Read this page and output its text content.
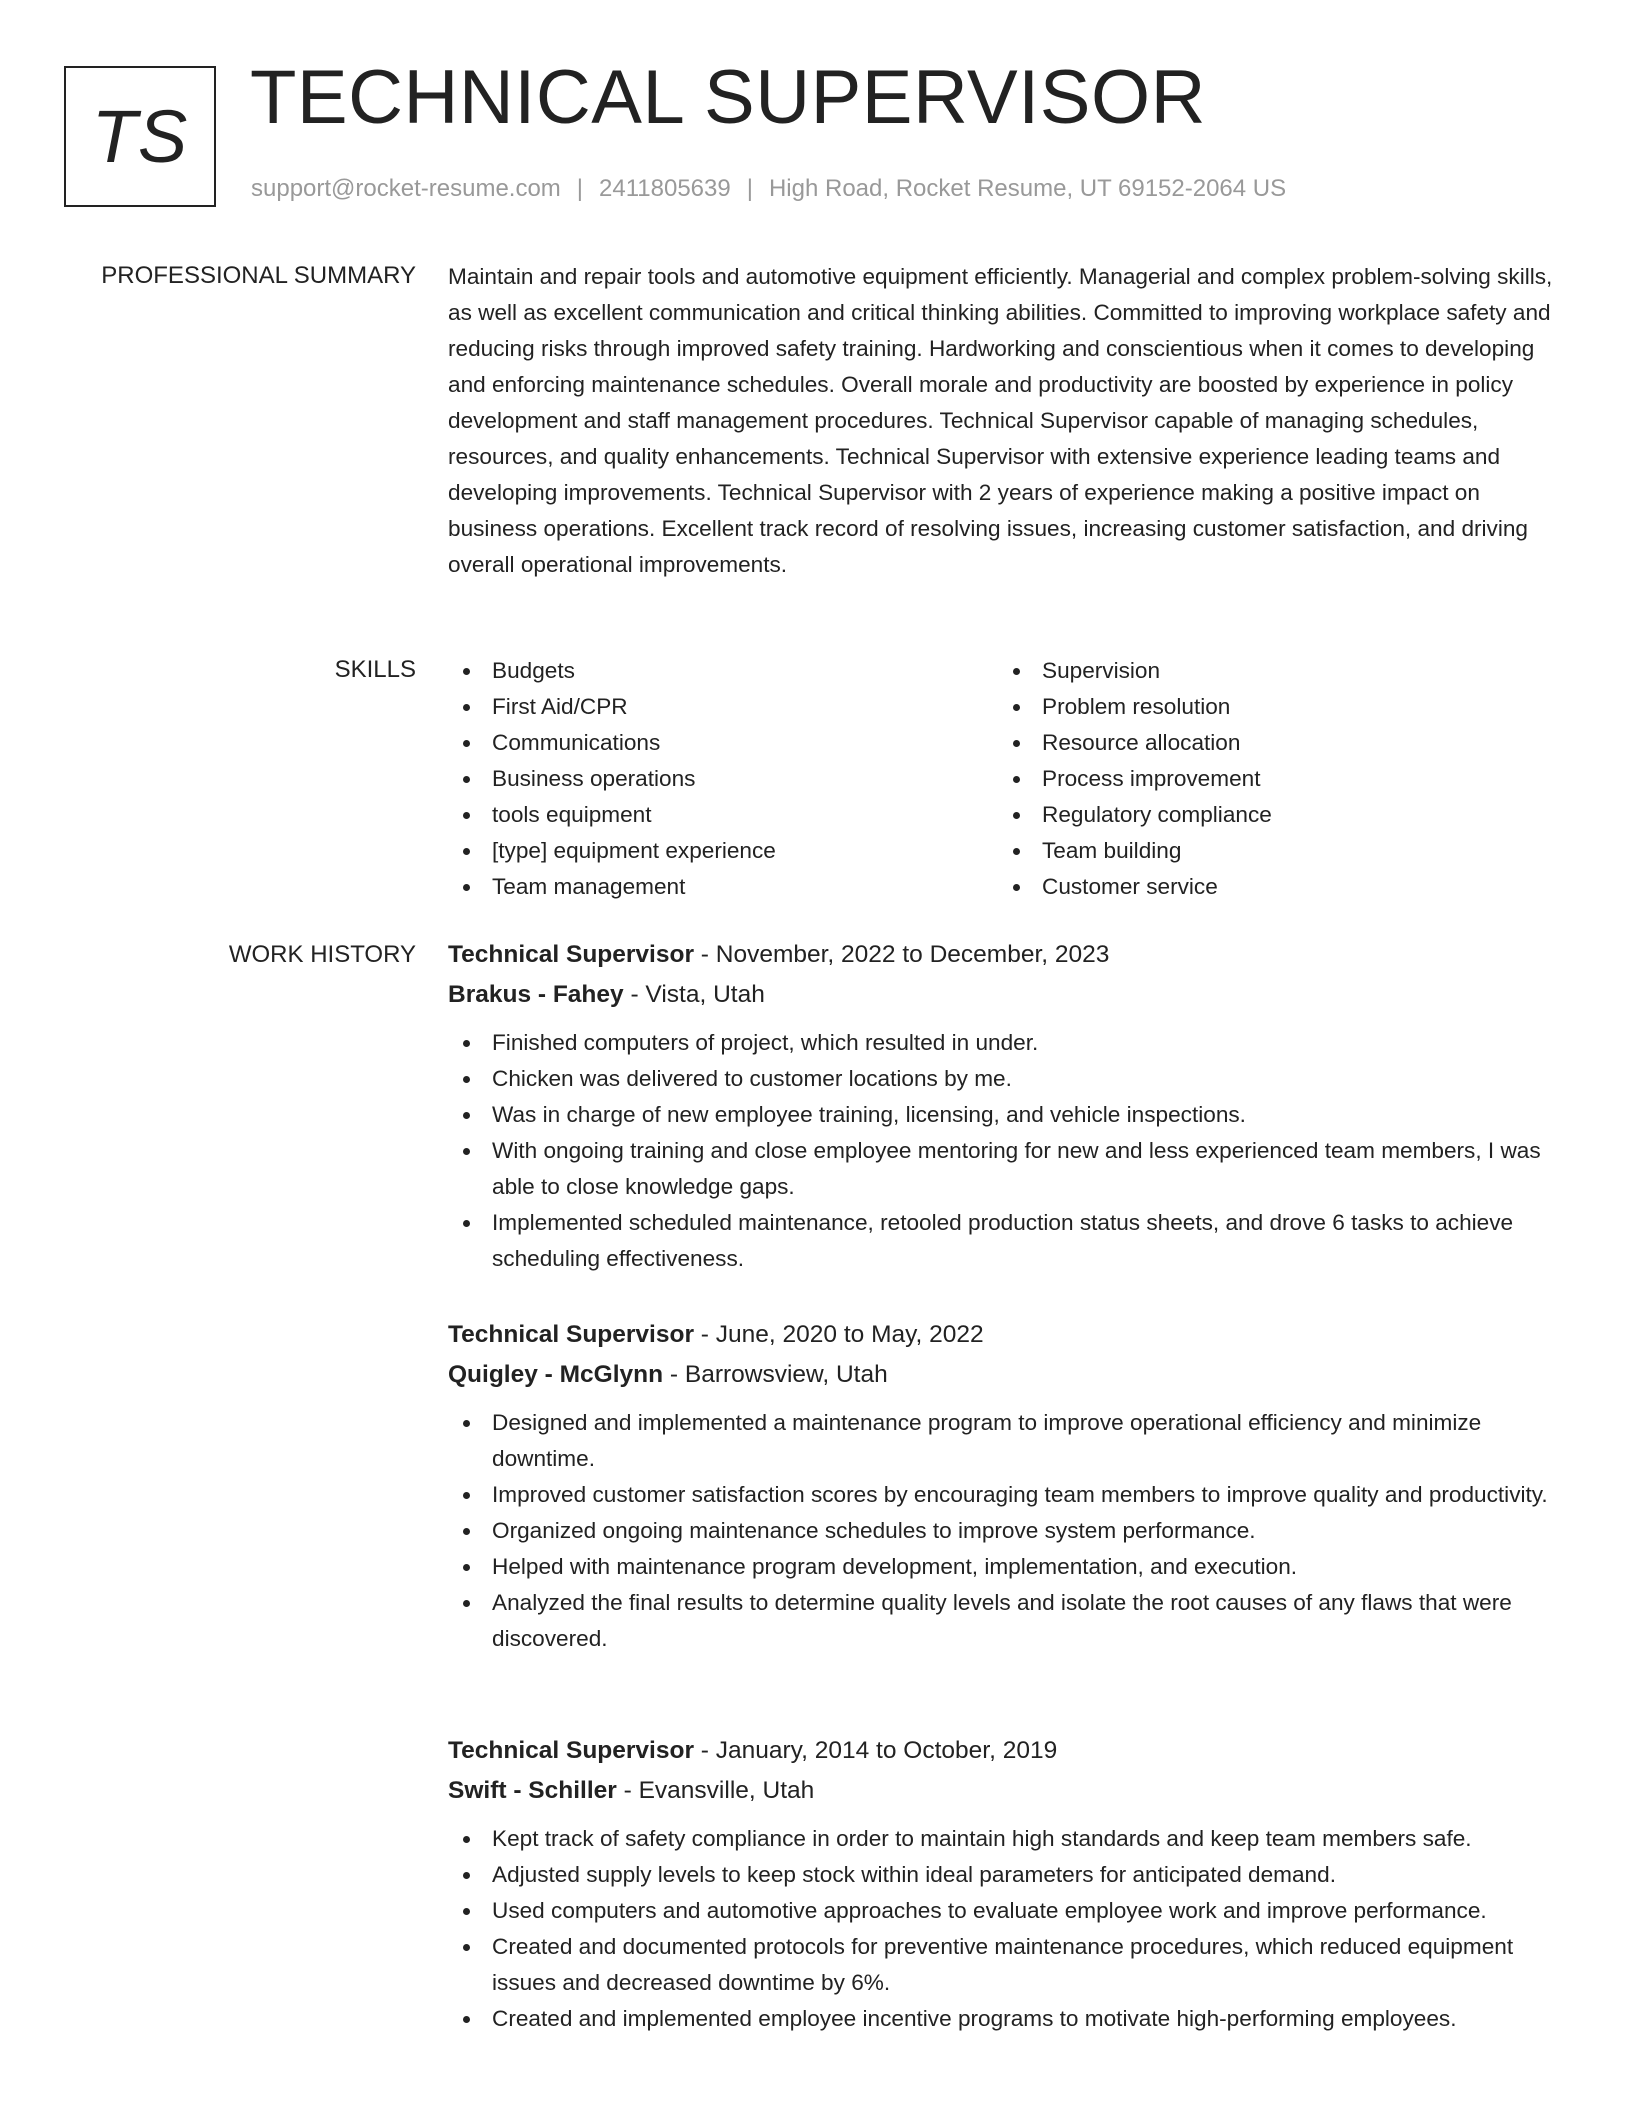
TS TECHNICAL SUPERVISOR
support@rocket-resume.com | 2411805639 | High Road, Rocket Resume, UT 69152-2064 US
PROFESSIONAL SUMMARY Maintain and repair tools and automotive equipment efficiently. Managerial and complex problem-solving skills, as well as excellent communication and critical thinking abilities. Committed to improving workplace safety and reducing risks through improved safety training. Hardworking and conscientious when it comes to developing and enforcing maintenance schedules. Overall morale and productivity are boosted by experience in policy development and staff management procedures. Technical Supervisor capable of managing schedules, resources, and quality enhancements. Technical Supervisor with extensive experience leading teams and developing improvements. Technical Supervisor with 2 years of experience making a positive impact on business operations. Excellent track record of resolving issues, increasing customer satisfaction, and driving overall operational improvements.

SKILLS	Budgets
First Aid/CPR
Communications
Business operations
tools equipment
[type] equipment experience
Team management
Supervision
Problem resolution
Resource allocation
Process improvement
Regulatory compliance
Team building
Customer service
WORK HISTORY Technical Supervisor - November, 2022 to December, 2023
Brakus - Fahey - Vista, Utah
Finished computers of project, which resulted in under.
Chicken was delivered to customer locations by me.
Was in charge of new employee training, licensing, and vehicle inspections.
With ongoing training and close employee mentoring for new and less experienced team members, I was able to close knowledge gaps.
Implemented scheduled maintenance, retooled production status sheets, and drove 6 tasks to achieve scheduling effectiveness.
Technical Supervisor - June, 2020 to May, 2022
Quigley - McGlynn - Barrowsview, Utah
Designed and implemented a maintenance program to improve operational efficiency and minimize downtime.
Improved customer satisfaction scores by encouraging team members to improve quality and productivity.
Organized ongoing maintenance schedules to improve system performance.
Helped with maintenance program development, implementation, and execution.
Analyzed the final results to determine quality levels and isolate the root causes of any flaws that were discovered.
Technical Supervisor - January, 2014 to October, 2019
Swift - Schiller - Evansville, Utah
Kept track of safety compliance in order to maintain high standards and keep team members safe.
Adjusted supply levels to keep stock within ideal parameters for anticipated demand.
Used computers and automotive approaches to evaluate employee work and improve performance.
Created and documented protocols for preventive maintenance procedures, which reduced equipment issues and decreased downtime by 6%.
Created and implemented employee incentive programs to motivate high-performing employees.
